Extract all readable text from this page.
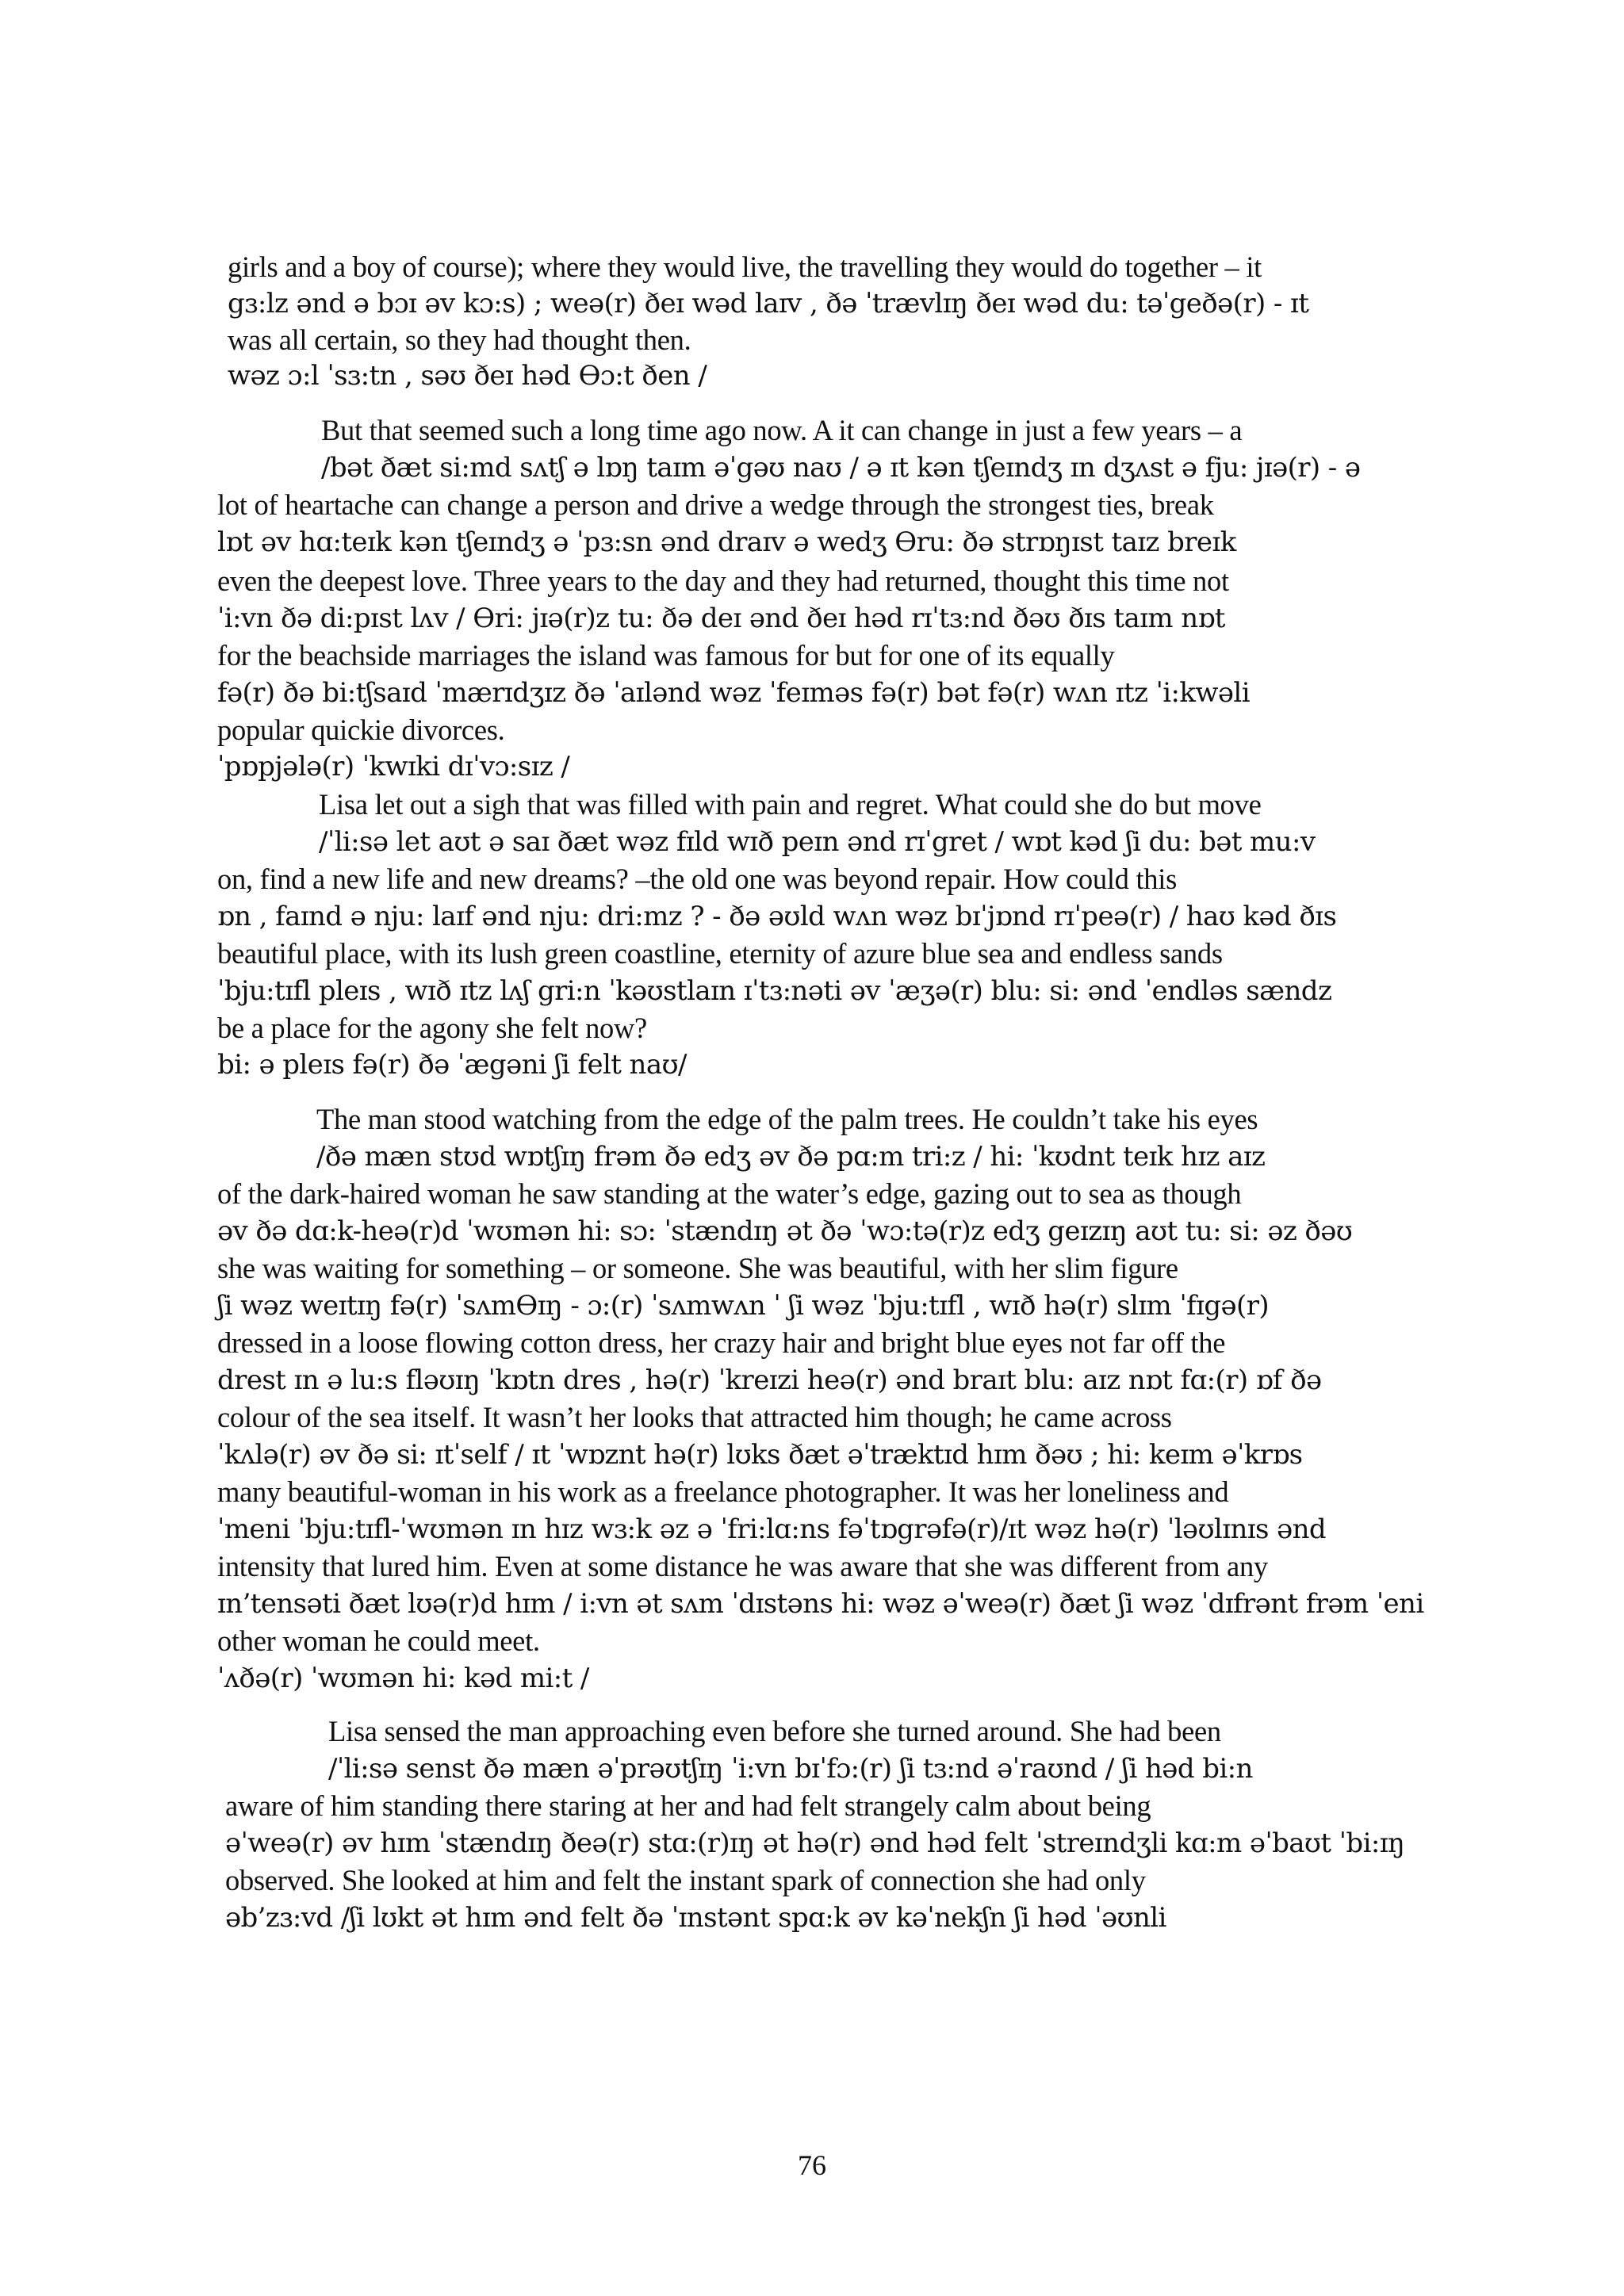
girls and a boy of course); where they would live, the travelling they would do together – it
gɜ:lz ənd ə bɔɪ əv kɔ:s) ; weə(r) ðeɪ wəd laɪv , ðə ˈtrævlɪŋ ðeɪ wəd du: təˈgeðə(r) - ɪt
was all certain, so they had thought then.
wəz ɔ:l ˈsɜ:tn , səʊ ðeɪ həd Ɵɔ:t ðen /
But that seemed such a long time ago now. A it can change in just a few years – a
/bət ðæt si:md sʌtʃ ə lɒŋ taɪm əˈgəʊ naʊ / ə ɪt kən tʃeɪndʒ ɪn dʒʌst ə fju: jɪə(r) - ə
lot of heartache can change a person and drive a wedge through the strongest ties, break
lɒt əv hɑ:teɪk kən tʃeɪndʒ ə ˈpɜ:sn ənd draɪv ə wedʒ Ɵru: ðə strɒŋɪst taɪz breɪk
even the deepest love. Three years to the day and they had returned, thought this time not
ˈi:vn ðə di:pɪst lʌv / Ɵri: jɪə(r)z tu: ðə deɪ ənd ðeɪ həd rɪˈtɜ:nd ðəʊ ðɪs taɪm nɒt
for the beachside marriages the island was famous for but for one of its equally
fə(r) ðə bi:tʃsaɪd ˈmærɪdʒɪz ðə ˈaɪlənd wəz ˈfeɪməs fə(r) bət fə(r) wʌn ɪtz ˈi:kwəli
popular quickie divorces.
ˈpɒpjələ(r) ˈkwɪki dɪˈvɔ:sɪz /
Lisa let out a sigh that was filled with pain and regret. What could she do but move
/ˈli:sə let aʊt ə saɪ ðæt wəz fɪld wɪð peɪn ənd rɪˈgret / wɒt kəd ʃi du: bət mu:v
on, find a new life and new dreams? –the old one was beyond repair. How could this
ɒn , faɪnd ə nju: laɪf ənd nju: dri:mz ? - ðə əʊld wʌn wəz bɪˈjɒnd rɪˈpeə(r) / haʊ kəd ðɪs
beautiful place, with its lush green coastline, eternity of azure blue sea and endless sands
ˈbju:tɪfl pleɪs , wɪð ɪtz lʌʃ gri:n ˈkəʊstlaɪn ɪˈtɜ:nəti əv ˈæʒə(r) blu: si: ənd ˈendləs sændz
be a place for the agony she felt now?
bi: ə pleɪs fə(r) ðə ˈægəni ʃi felt naʊ/
The man stood watching from the edge of the palm trees. He couldn’t take his eyes
/ðə mæn stʊd wɒtʃɪŋ frəm ðə edʒ əv ðə pɑ:m tri:z / hi: ˈkʊdnt teɪk hɪz aɪz
of the dark-haired woman he saw standing at the water’s edge, gazing out to sea as though
əv ðə dɑ:k-heə(r)d ˈwʊmən hi: sɔ: ˈstændɪŋ ət ðə ˈwɔ:tə(r)z edʒ geɪzɪŋ aʊt tu: si: əz ðəʊ
she was waiting for something – or someone. She was beautiful, with her slim figure
ʃi wəz weɪtɪŋ fə(r) ˈsʌmƟɪŋ - ɔ:(r) ˈsʌmwʌn ˈ ʃi wəz ˈbju:tɪfl , wɪð hə(r) slɪm ˈfɪgə(r)
dressed in a loose flowing cotton dress, her crazy hair and bright blue eyes not far off the
drest ɪn ə lu:s fləʊɪŋ ˈkɒtn dres , hə(r) ˈkreɪzi heə(r) ənd braɪt blu: aɪz nɒt fɑ:(r) ɒf ðə
colour of the sea itself. It wasn’t her looks that attracted him though; he came across
ˈkʌlə(r) əv ðə si: ɪtˈself / ɪt ˈwɒznt hə(r) lʊks ðæt əˈtræktɪd hɪm ðəʊ ; hi: keɪm əˈkrɒs
many beautiful-woman in his work as a freelance photographer. It was her loneliness and
ˈmeni ˈbju:tɪfl-ˈwʊmən ɪn hɪz wɜ:k əz ə ˈfri:lɑ:ns fəˈtɒgrəfə(r)/ɪt wəz hə(r) ˈləʊlɪnɪs ənd
intensity that lured him. Even at some distance he was aware that she was different from any
ɪn’tensəti ðæt lʊə(r)d hɪm / i:vn ət sʌm ˈdɪstəns hi: wəz əˈweə(r) ðæt ʃi wəz ˈdɪfrənt frəm ˈeni
other woman he could meet.
ˈʌðə(r) ˈwʊmən hi: kəd mi:t /
Lisa sensed the man approaching even before she turned around. She had been
/ˈli:sə senst ðə mæn əˈprəʊtʃɪŋ ˈi:vn bɪˈfɔ:(r) ʃi tɜ:nd əˈraʊnd / ʃi həd bi:n
aware of him standing there staring at her and had felt strangely calm about being
əˈweə(r) əv hɪm ˈstændɪŋ ðeə(r) stɑ:(r)ɪŋ ət hə(r) ənd həd felt ˈstreɪndʒli kɑ:m əˈbaʊt ˈbi:ɪŋ
observed. She looked at him and felt the instant spark of connection she had only
əb’zɜ:vd /ʃi lʊkt ət hɪm ənd felt ðə ˈɪnstənt spɑ:k əv kəˈnekʃn ʃi həd ˈəʊnli
76
